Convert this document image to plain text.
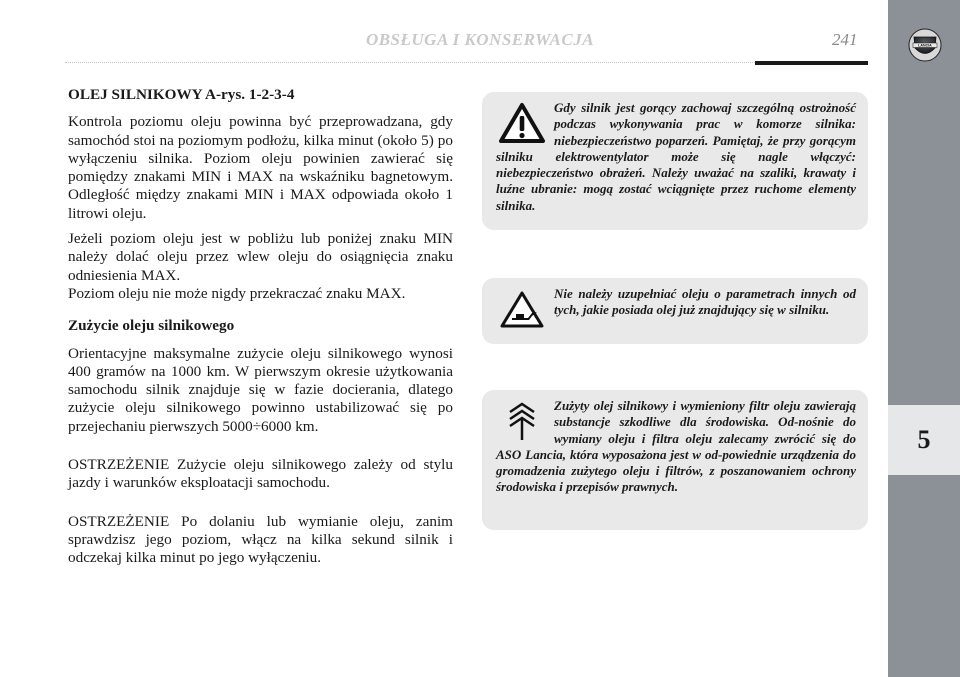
OBSŁUGA I KONSERWACJA	241	LANCIA
5

OLEJ SILNIKOWY A-rys. 1-2-3-4

Kontrola poziomu oleju powinna być przeprowadzana, gdy samochód stoi na poziomym podłożu, kilka minut (około 5) po wyłączeniu silnika. Poziom oleju powinien zawierać się pomiędzy znakami MIN i MAX na wskaźniku bagnetowym. Odległość między znakami MIN i MAX odpowiada około 1 litrowi oleju.

Jeżeli poziom oleju jest w pobliżu lub poniżej znaku MIN należy dolać oleju przez wlew oleju do osiągnięcia znaku odniesienia MAX.

Poziom oleju nie może nigdy przekraczać znaku MAX.

Zużycie oleju silnikowego

Orientacyjne maksymalne zużycie oleju silnikowego wynosi 400 gramów na 1000 km. W pierwszym okresie użytkowania samochodu silnik znajduje się w fazie docierania, dlatego zużycie oleju silnikowego powinno ustabilizować się po przejechaniu pierwszych 5000÷6000 km.

OSTRZEŻENIE Zużycie oleju silnikowego zależy od stylu jazdy i warunków eksploatacji samochodu.

OSTRZEŻENIE Po dolaniu lub wymianie oleju, zanim sprawdzisz jego poziom, włącz na kilka sekund silnik i odczekaj kilka minut po jego wyłączeniu.

Gdy silnik jest gorący zachowaj szczególną ostrożność podczas wykonywania prac w komorze silnika: niebezpieczeństwo poparzeń. Pamiętaj, że przy gorącym silniku elektrowentylator może się nagle włączyć: niebezpieczeństwo obrażeń. Należy uważać na szaliki, krawaty i luźne ubranie: mogą zostać wciągnięte przez ruchome elementy silnika.

Nie należy uzupełniać oleju o parametrach innych od tych, jakie posiada olej już znajdujący się w silniku.

Zużyty olej silnikowy i wymieniony filtr oleju zawierają substancje szkodliwe dla środowiska. Od-nośnie do wymiany oleju i filtra oleju zalecamy zwrócić się do ASO Lancia, która wyposażona jest w od-powiednie urządzenia do gromadzenia zużytego oleju i filtrów, z poszanowaniem ochrony środowiska i przepisów prawnych.
